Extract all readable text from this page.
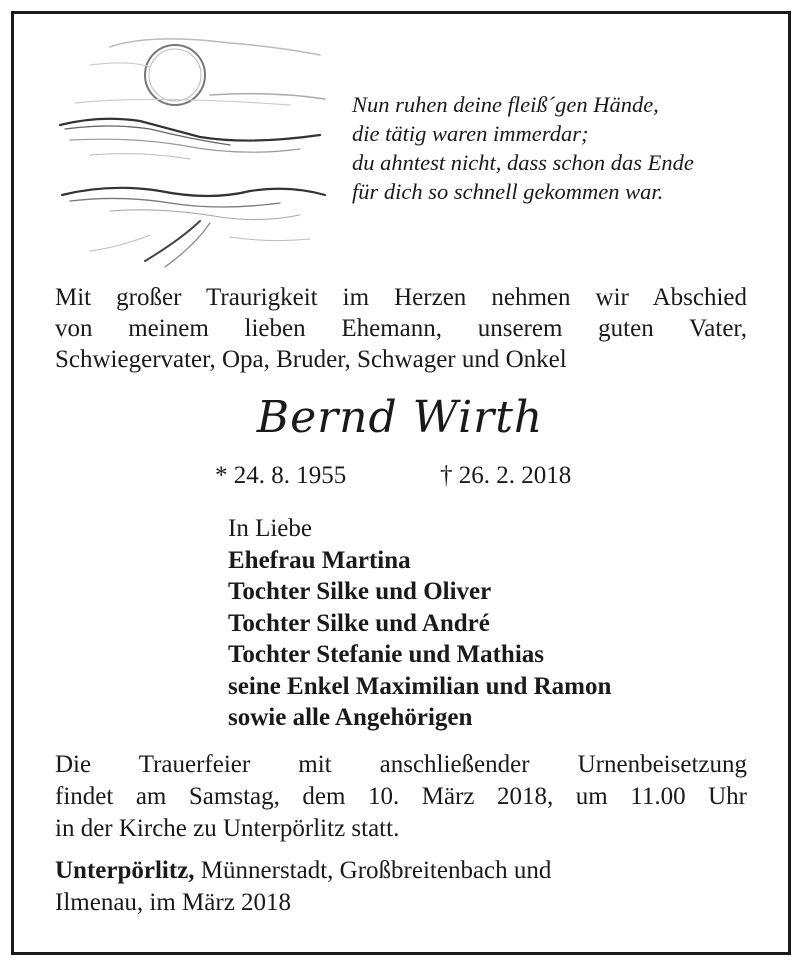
Nun ruhen deine fleiß´gen Hände,
die tätig waren immerdar;
du ahntest nicht, dass schon das Ende
für dich so schnell gekommen war.
Mit großer Traurigkeit im Herzen nehmen wir Abschied
von meinem lieben Ehemann, unserem guten Vater,
Schwiegervater, Opa, Bruder, Schwager und Onkel
Bernd Wirth
* 24. 8. 1955	† 26. 2. 2018
In Liebe
Ehefrau Martina
Tochter Silke und Oliver
Tochter Silke und André
Tochter Stefanie und Mathias
seine Enkel Maximilian und Ramon
sowie alle Angehörigen
Die Trauerfeier mit anschließender Urnenbeisetzung
findet am Samstag, dem 10. März 2018, um 11.00 Uhr
in der Kirche zu Unterpörlitz statt.
Unterpörlitz, Münnerstadt, Großbreitenbach und
Ilmenau, im März 2018
